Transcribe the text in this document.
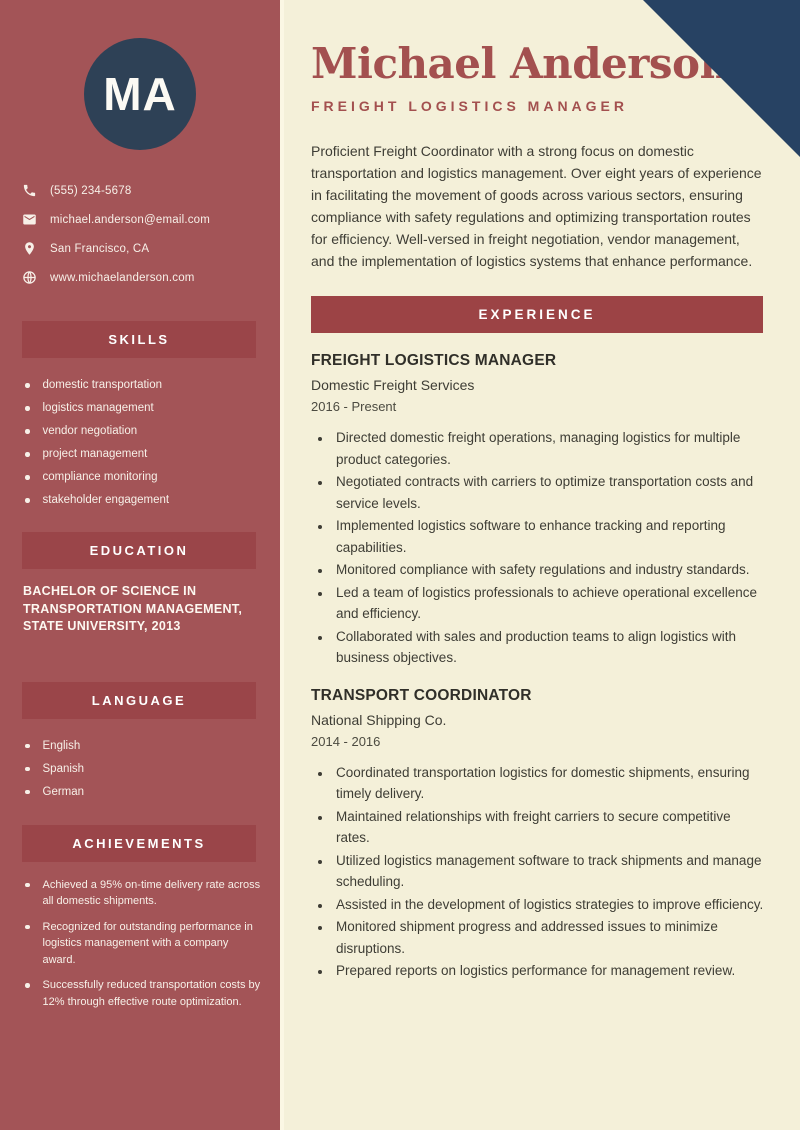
MA
(555) 234-5678
michael.anderson@email.com
San Francisco, CA
www.michaelanderson.com
SKILLS
domestic transportation
logistics management
vendor negotiation
project management
compliance monitoring
stakeholder engagement
EDUCATION

BACHELOR OF SCIENCE IN TRANSPORTATION MANAGEMENT, STATE UNIVERSITY, 2013

LANGUAGE
English
Spanish
German
ACHIEVEMENTS
Achieved a 95% on-time delivery rate across all domestic shipments.
Recognized for outstanding performance in logistics management with a company award.
Successfully reduced transportation costs by 12% through effective route optimization.
Michael Anderson
FREIGHT LOGISTICS MANAGER

Proficient Freight Coordinator with a strong focus on domestic transportation and logistics management. Over eight years of experience in facilitating the movement of goods across various sectors, ensuring compliance with safety regulations and optimizing transportation routes for efficiency. Well-versed in freight negotiation, vendor management, and the implementation of logistics systems that enhance performance.

EXPERIENCE
FREIGHT LOGISTICS MANAGER
Domestic Freight Services
2016 - Present
• Directed domestic freight operations, managing logistics for multiple product categories.
• Negotiated contracts with carriers to optimize transportation costs and service levels.
• Implemented logistics software to enhance tracking and reporting capabilities.
• Monitored compliance with safety regulations and industry standards.
• Led a team of logistics professionals to achieve operational excellence and efficiency.
• Collaborated with sales and production teams to align logistics with business objectives.
TRANSPORT COORDINATOR
National Shipping Co.
2014 - 2016
• Coordinated transportation logistics for domestic shipments, ensuring timely delivery.
• Maintained relationships with freight carriers to secure competitive rates.
• Utilized logistics management software to track shipments and manage scheduling.
• Assisted in the development of logistics strategies to improve efficiency.
• Monitored shipment progress and addressed issues to minimize disruptions.
• Prepared reports on logistics performance for management review.
